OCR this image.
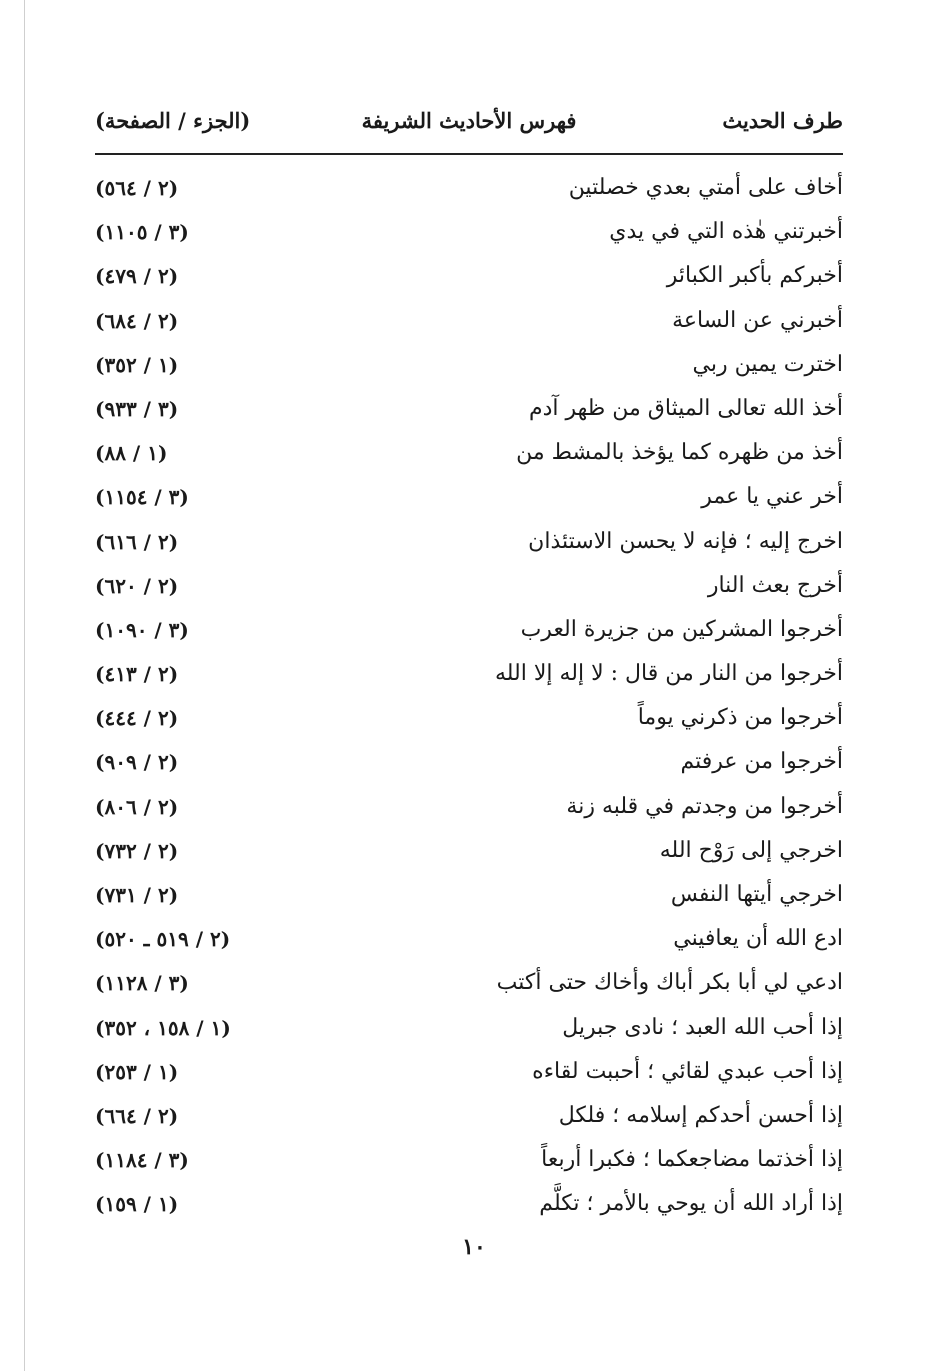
طرف الحديث
فهرس الأحاديث الشريفة
(الجزء / الصفحة)
أخاف على أمتي بعدي خصلتين
(٢ / ٥٦٤)
أخبرتني هٰذه التي في يدي
(٣ / ١١٠٥)
أخبركم بأكبر الكبائر
(٢ / ٤٧٩)
أخبرني عن الساعة
(٢ / ٦٨٤)
اخترت يمين ربي
(١ / ٣٥٢)
أخذ الله تعالى الميثاق من ظهر آدم
(٣ / ٩٣٣)
أخذ من ظهره كما يؤخذ بالمشط من
(١ / ٨٨)
أخر عني يا عمر
(٣ / ١١٥٤)
اخرج إليه ؛ فإنه لا يحسن الاستئذان
(٢ / ٦١٦)
أخرج بعث النار
(٢ / ٦٢٠)
أخرجوا المشركين من جزيرة العرب
(٣ / ١٠٩٠)
أخرجوا من النار من قال : لا إله إلا الله
(٢ / ٤١٣)
أخرجوا من ذكرني يوماً
(٢ / ٤٤٤)
أخرجوا من عرفتم
(٢ / ٩٠٩)
أخرجوا من وجدتم في قلبه زنة
(٢ / ٨٠٦)
اخرجي إلى رَوْح الله
(٢ / ٧٣٢)
اخرجي أيتها النفس
(٢ / ٧٣١)
ادع الله أن يعافيني
(٢ / ٥١٩ ـ ٥٢٠)
ادعي لي أبا بكر أباك وأخاك حتى أكتب
(٣ / ١١٢٨)
إذا أحب الله العبد ؛ نادى جبريل
(١ / ١٥٨ ، ٣٥٢)
إذا أحب عبدي لقائي ؛ أحببت لقاءه
(١ / ٢٥٣)
إذا أحسن أحدكم إسلامه ؛ فلكل
(٢ / ٦٦٤)
إذا أخذتما مضاجعكما ؛ فكبرا أربعاً
(٣ / ١١٨٤)
إذا أراد الله أن يوحي بالأمر ؛ تكلَّم
(١ / ١٥٩)
١٠
